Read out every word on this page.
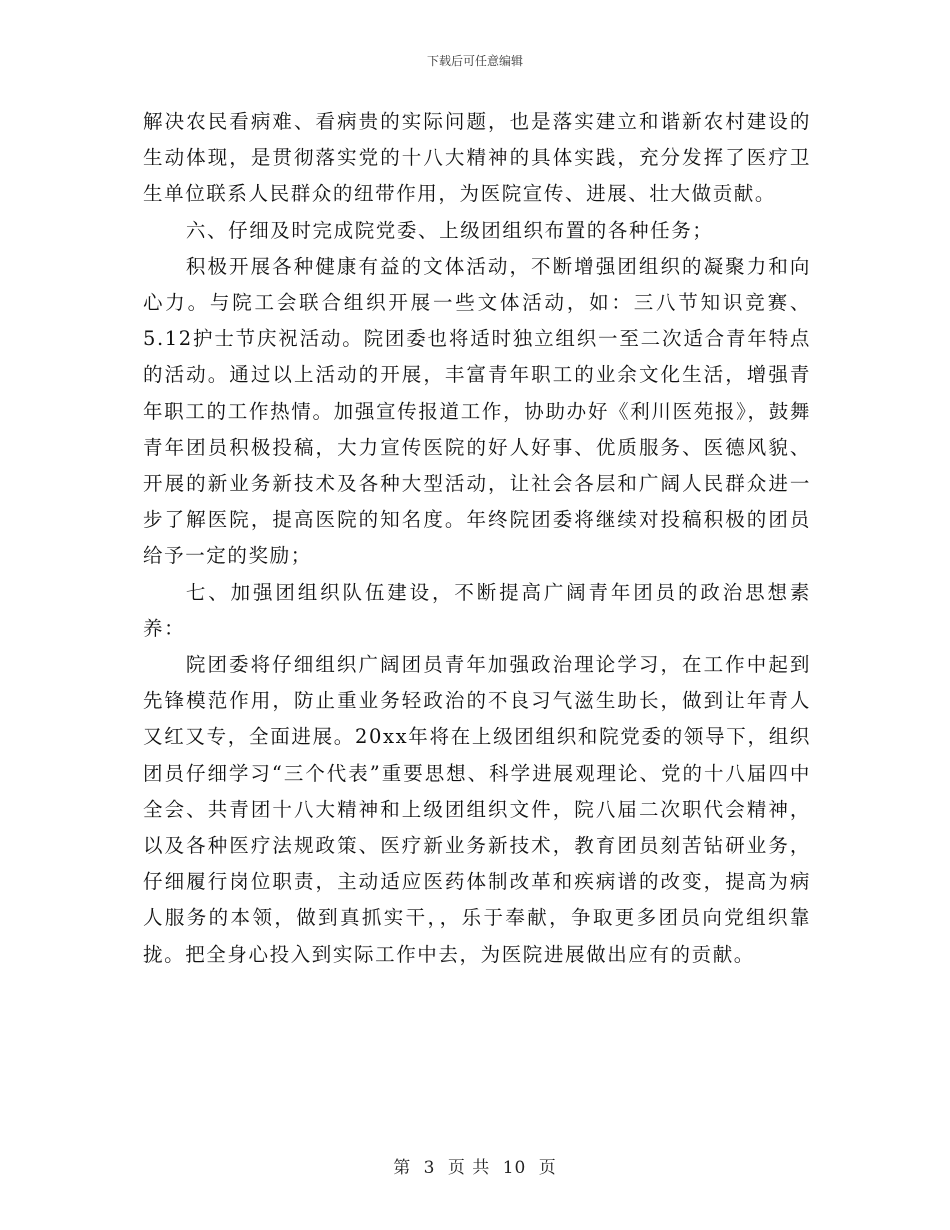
下载后可任意编辑

解决农民看病难、看病贵的实际问题，也是落实建立和谐新农村建设的生动体现，是贯彻落实党的十八大精神的具体实践，充分发挥了医疗卫生单位联系人民群众的纽带作用，为医院宣传、进展、壮大做贡献。

六、仔细及时完成院党委、上级团组织布置的各种任务；

积极开展各种健康有益的文体活动，不断增强团组织的凝聚力和向心力。与院工会联合组织开展一些文体活动，如：三八节知识竞赛、5.12护士节庆祝活动。院团委也将适时独立组织一至二次适合青年特点的活动。通过以上活动的开展，丰富青年职工的业余文化生活，增强青年职工的工作热情。加强宣传报道工作，协助办好《利川医苑报》，鼓舞青年团员积极投稿，大力宣传医院的好人好事、优质服务、医德风貌、开展的新业务新技术及各种大型活动，让社会各层和广阔人民群众进一步了解医院，提高医院的知名度。年终院团委将继续对投稿积极的团员给予一定的奖励；

七、加强团组织队伍建设，不断提高广阔青年团员的政治思想素养：

院团委将仔细组织广阔团员青年加强政治理论学习，在工作中起到先锋模范作用，防止重业务轻政治的不良习气滋生助长，做到让年青人又红又专，全面进展。20xx年将在上级团组织和院党委的领导下，组织团员仔细学习“三个代表”重要思想、科学进展观理论、党的十八届四中全会、共青团十八大精神和上级团组织文件，院八届二次职代会精神，以及各种医疗法规政策、医疗新业务新技术，教育团员刻苦钻研业务，仔细履行岗位职责，主动适应医药体制改革和疾病谱的改变，提高为病人服务的本领，做到真抓实干，，乐于奉献，争取更多团员向党组织靠拢。把全身心投入到实际工作中去，为医院进展做出应有的贡献。

第 3 页 共 10 页
